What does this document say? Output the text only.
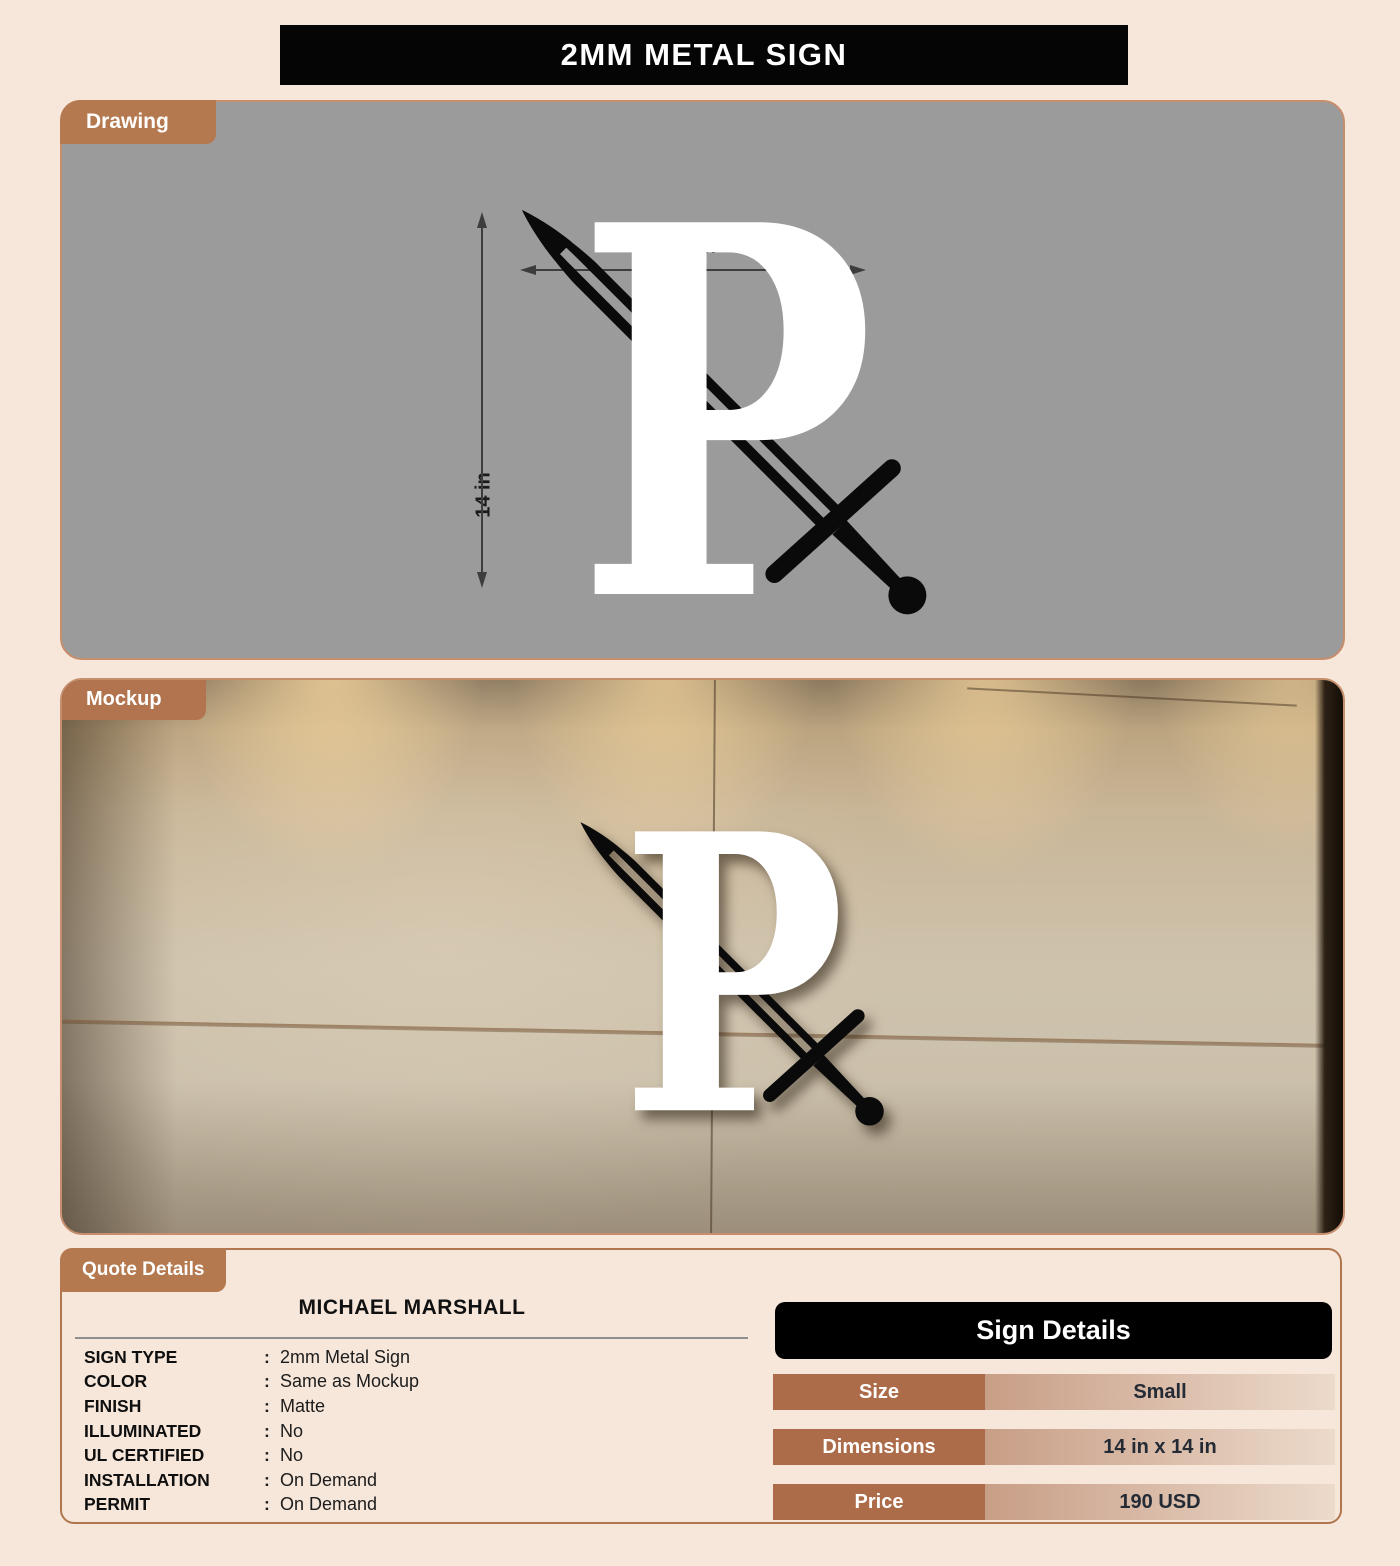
2MM METAL SIGN
Drawing
14 in
Mockup
Quote Details
MICHAEL MARSHALL
SIGN TYPE	: 2mm Metal Sign
COLOR	: Same as Mockup
FINISH	: Matte
ILLUMINATED	: No
UL CERTIFIED	: No
INSTALLATION	: On Demand
PERMIT	: On Demand
Sign Details
Size	Small
Dimensions	14 in x 14 in
Price	190 USD
